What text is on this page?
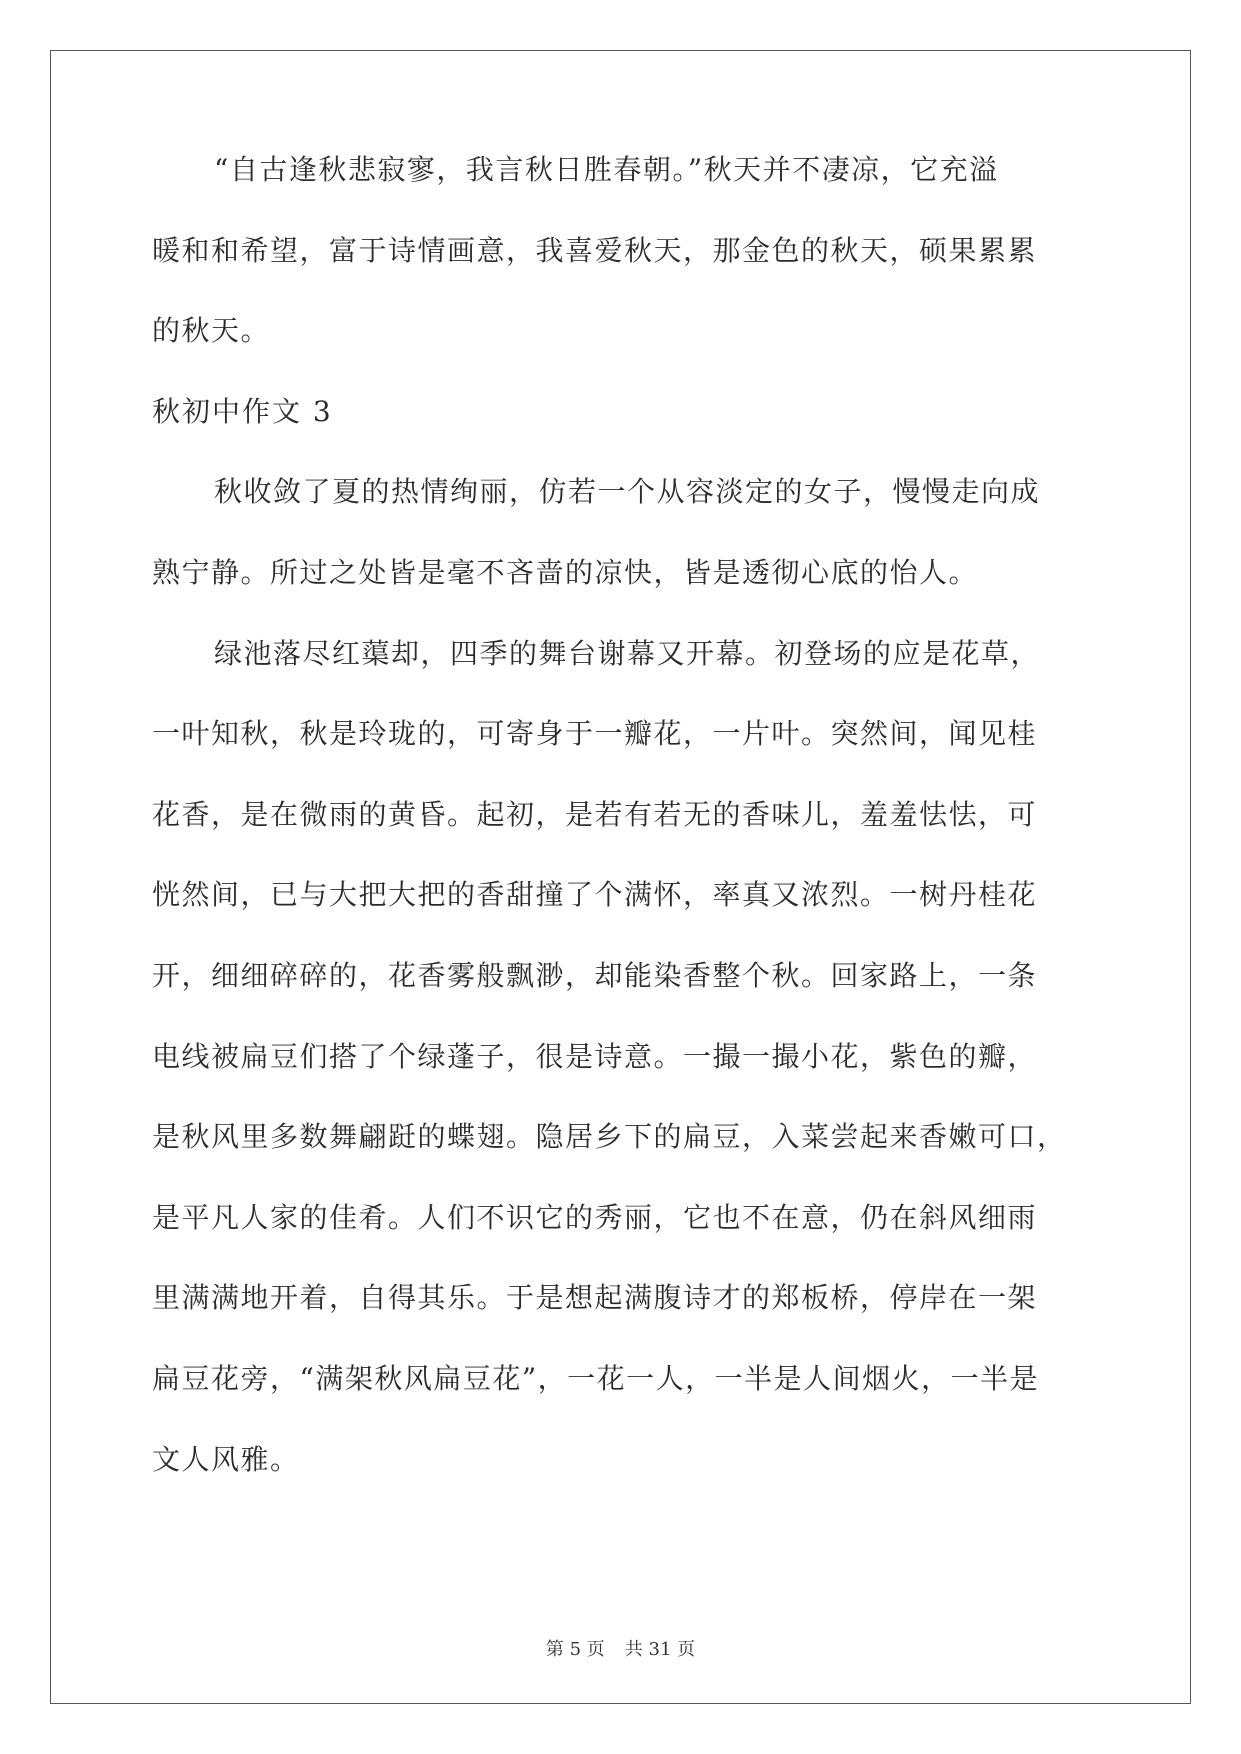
“自古逢秋悲寂寥，我言秋日胜春朝。”秋天并不凄凉，它充溢
暖和和希望，富于诗情画意，我喜爱秋天，那金色的秋天，硕果累累
的秋天。
秋初中作文 3
秋收敛了夏的热情绚丽，仿若一个从容淡定的女子，慢慢走向成
熟宁静。所过之处皆是毫不吝啬的凉快，皆是透彻心底的怡人。
绿池落尽红蕖却，四季的舞台谢幕又开幕。初登场的应是花草，
一叶知秋，秋是玲珑的，可寄身于一瓣花，一片叶。突然间，闻见桂
花香，是在微雨的黄昏。起初，是若有若无的香味儿，羞羞怯怯，可
恍然间，已与大把大把的香甜撞了个满怀，率真又浓烈。一树丹桂花
开，细细碎碎的，花香雾般飘渺，却能染香整个秋。回家路上，一条
电线被扁豆们搭了个绿蓬子，很是诗意。一撮一撮小花，紫色的瓣，
是秋风里多数舞翩跹的蝶翅。隐居乡下的扁豆，入菜尝起来香嫩可口，
是平凡人家的佳肴。人们不识它的秀丽，它也不在意，仍在斜风细雨
里满满地开着，自得其乐。于是想起满腹诗才的郑板桥，停岸在一架
扁豆花旁，“满架秋风扁豆花”，一花一人，一半是人间烟火，一半是
文人风雅。
第 5 页 共 31 页
